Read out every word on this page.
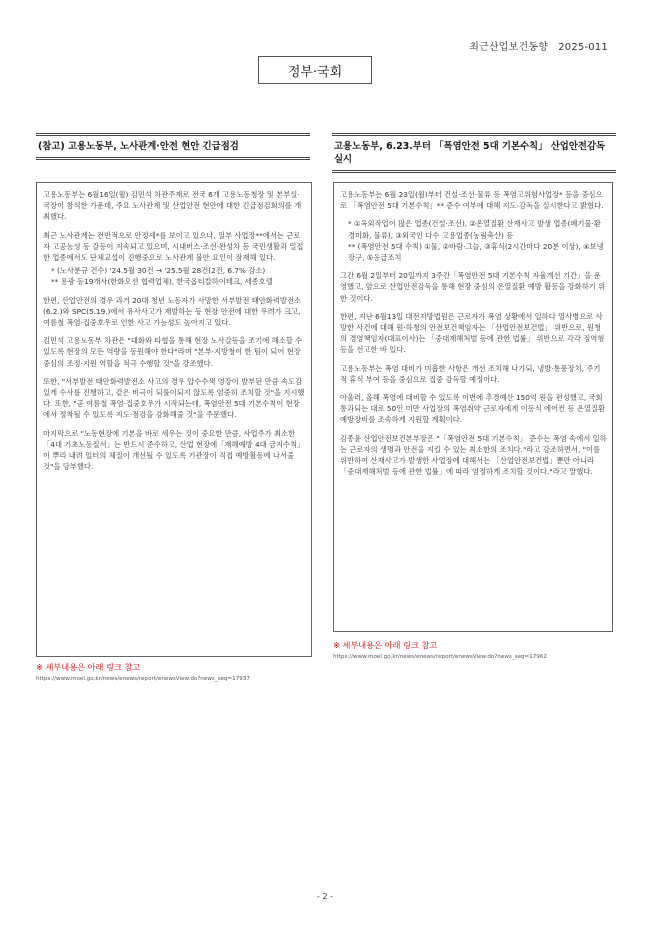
최근산업보건동향 2025-011
정부·국회
(참고) 고용노동부, 노사관계·안전 현안 긴급점검	고용노동부, 6.23.부터 「폭염안전 5대 기본수칙」 산업안전감독 실시

고용노동부는 6월16일(월) 김민석 차관주재로 전국 6개 고용노동청장 및 본부실·국장이 참석한 가운데, 주요 노사관계 및 산업안전 현안에 대한 긴급점검회의를 개최했다.

최근 노사관계는 전반적으로 안정세*를 보이고 있으나, 일부 사업장**에서는 근로자 고공농성 등 갈등이 지속되고 있으며, 시내버스·조선·완성차 등 국민생활과 밀접한 업종에서도 단체교섭이 진행중으로 노사관계 불안 요인이 잠재해 있다.

* (노사분규 건수) '24.5월 30건 → '25.5월 28건(2건, 6.7% 감소)

** 용광 등19개사(한화오션 협력업체), 한국옵티칼하이테크, 세종호텔

한편, 산업안전의 경우 과거 20대 청년 노동자가 사망한 서부발전 태안화력발전소(6.2.)와 SPC(5.19.)에서 유사사고가 재발하는 등 현장 안전에 대한 우려가 크고, 여름철 폭염·집중호우로 인한 사고 가능성도 높아지고 있다.

김민석 고용노동부 차관은 "대화와 타협을 통해 현장 노사갈등을 조기에 해소할 수 있도록 현장의 모든 역량을 동원해야 한다"라며 "본부·지방청이 한 팀이 되어 현장 중심의 조정·지원 역할을 적극 수행할 것"을 강조했다.

또한, "서부발전 태안화력발전소 사고의 경우 압수수색 영장이 발부된 만큼 속도감 있게 수사를 진행하고, 같은 비극이 되풀이되지 않도록 엄중히 조치할 것"을 지시했다. 또한, "곧 여름철 폭염·집중호우가 시작되는데, 폭염안전 5대 기본수칙이 현장에서 정착될 수 있도록 지도·점검을 강화해줄 것"을 주문했다.

마지막으로 "노동현장에 기본을 바로 세우는 것이 중요한 만큼, 사업주가 최소한 「4대 기초노동질서」는 반드시 준수하고, 산업 현장에「재해예방 4대 금지수칙」이 뿌리 내려 일터의 체질이 개선될 수 있도록 기관장이 직접 예방활동에 나서줄 것"을 당부했다.

고용노동부는 6월 23일(월)부터 건설·조선·물류 등 폭염고위험사업장* 등을 중심으로 「폭염안전 5대 기본수칙」** 준수 여부에 대해 지도·감독을 실시한다고 밝혔다.

* ①옥외작업이 많은 업종(건설·조선), ②온열질환 산재사고 발생 업종(폐기물·환경미화, 물류), ③외국인 다수 고용업종(농림축산) 등

** (폭염안전 5대 수칙) ①물, ②바람·그늘, ③휴식(2시간마다 20분 이상), ④보냉장구, ⑤응급조치

그간 6월 2일부터 20일까지 3주간「폭염안전 5대 기본수칙 자율개선 기간」을 운영했고, 앞으로 산업안전감독을 통해 현장 중심의 온열질환 예방 활동을 강화하기 위한 것이다.

한편, 지난 6월13일 대전지방법원은 근로자가 폭염 상황에서 일하다 열사병으로 사망한 사건에 대해 원·하청의 안전보건책임자는 「산업안전보건법」 위반으로, 원청의 경영책임자(대표이사)는 「중대재해처벌 등에 관한 법률」 위반으로 각각 징역형 등을 선고한 바 있다.

고용노동부는 폭염 대비가 미흡한 사항은 개선 조치해 나가되, 냉방·통풍장치, 주기적 휴식 부여 등을 중심으로 집중 감독할 예정이다.

아울러, 올해 폭염에 대비할 수 있도록 이번에 추경예산 150억 원을 편성했고, 국회 통과되는 대로 50인 미만 사업장의 폭염취약 근로자에게 이동식 에어컨 등 온열질환 예방장비를 조속하게 지원할 계획이다.

김종윤 산업안전보건본부장은 "「폭염안전 5대 기본수칙」 준수는 폭염 속에서 일하는 근로자의 생명과 안전을 지킬 수 있는 최소한의 조치다."라고 강조하면서, "이를 위반하여 산재사고가 발생한 사업장에 대해서는 「산업안전보건법」뿐만 아니라 「중대재해처벌 등에 관한 법률」에 따라 엄정하게 조치할 것이다."라고 말했다.

※ 세부내용은 아래 링크 참고
https://www.moel.go.kr/news/enews/report/enewsView.do?news_seq=17937
※ 세부내용은 아래 링크 참고
https://www.moel.go.kr/news/enews/report/enewsView.do?news_seq=17962
- 2 -
